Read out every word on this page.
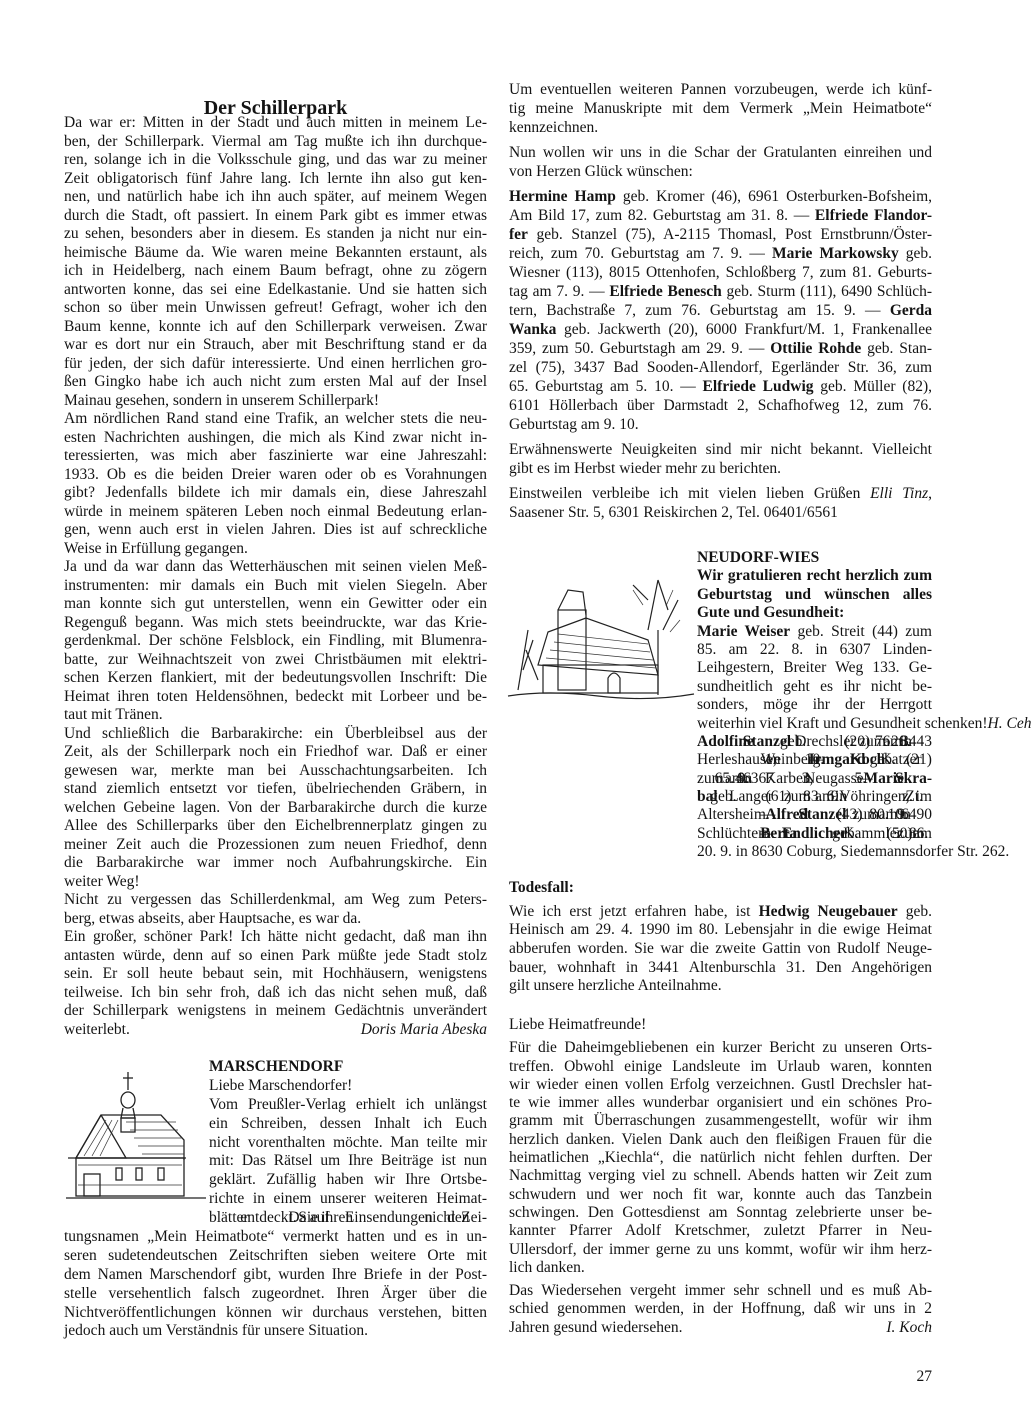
Der Schillerpark
Da war er: Mitten in der Stadt und auch mitten in meinem Le-
ben, der Schillerpark. Viermal am Tag mußte ich ihn durchque-
ren, solange ich in die Volksschule ging, und das war zu meiner
Zeit obligatorisch fünf Jahre lang. Ich lernte ihn also gut ken-
nen, und natürlich habe ich ihn auch später, auf meinem Wegen
durch die Stadt, oft passiert. In einem Park gibt es immer etwas
zu sehen, besonders aber in diesem. Es standen ja nicht nur ein-
heimische Bäume da. Wie waren meine Bekannten erstaunt, als
ich in Heidelberg, nach einem Baum befragt, ohne zu zögern
antworten konne, das sei eine Edelkastanie. Und sie hatten sich
schon so über mein Unwissen gefreut! Gefragt, woher ich den
Baum kenne, konnte ich auf den Schillerpark verweisen. Zwar
war es dort nur ein Strauch, aber mit Beschriftung stand er da
für jeden, der sich dafür interessierte. Und einen herrlichen gro-
ßen Gingko habe ich auch nicht zum ersten Mal auf der Insel
Mainau gesehen, sondern in unserem Schillerpark!
Am nördlichen Rand stand eine Trafik, an welcher stets die neu-
esten Nachrichten aushingen, die mich als Kind zwar nicht in-
teressierten, was mich aber faszinierte war eine Jahreszahl:
1933. Ob es die beiden Dreier waren oder ob es Vorahnungen
gibt? Jedenfalls bildete ich mir damals ein, diese Jahreszahl
würde in meinem späteren Leben noch einmal Bedeutung erlan-
gen, wenn auch erst in vielen Jahren. Dies ist auf schreckliche
Weise in Erfüllung gegangen.
Ja und da war dann das Wetterhäuschen mit seinen vielen Meß-
instrumenten: mir damals ein Buch mit vielen Siegeln. Aber
man konnte sich gut unterstellen, wenn ein Gewitter oder ein
Regenguß begann. Was mich stets beeindruckte, war das Krie-
gerdenkmal. Der schöne Felsblock, ein Findling, mit Blumenra-
batte, zur Weihnachtszeit von zwei Christbäumen mit elektri-
schen Kerzen flankiert, mit der bedeutungsvollen Inschrift: Die
Heimat ihren toten Heldensöhnen, bedeckt mit Lorbeer und be-
taut mit Tränen.
Und schließlich die Barbarakirche: ein Überbleibsel aus der
Zeit, als der Schillerpark noch ein Friedhof war. Daß er einer
gewesen war, merkte man bei Ausschachtungsarbeiten. Ich
stand ziemlich entsetzt vor tiefen, übelriechenden Gräbern, in
welchen Gebeine lagen. Von der Barbarakirche durch die kurze
Allee des Schillerparks über den Eichelbrennerplatz gingen zu
meiner Zeit auch die Prozessionen zum neuen Friedhof, denn
die Barbarakirche war immer noch Aufbahrungskirche. Ein
weiter Weg!
Nicht zu vergessen das Schillerdenkmal, am Weg zum Peters-
berg, etwas abseits, aber Hauptsache, es war da.
Ein großer, schöner Park! Ich hätte nicht gedacht, daß man ihn
antasten würde, denn auf so einen Park müßte jede Stadt stolz
sein. Er soll heute bebaut sein, mit Hochhäusern, wenigstens
teilweise. Ich bin sehr froh, daß ich das nicht sehen muß, daß
der Schillerpark wenigstens in meinem Gedächtnis unverändert
weiterlebt.	Doris Maria Abeska
MARSCHENDORF
Liebe Marschendorfer!
Vom Preußler-Verlag erhielt ich unlängst
ein Schreiben, dessen Inhalt ich Euch
nicht vorenthalten möchte. Man teilte mir
mit: Das Rätsel um Ihre Beiträge ist nun
geklärt. Zufällig haben wir Ihre Ortsbe-
richte in einem unserer weiteren Heimat-
blätter entdeckt. Da Sie auf ihren Einsendungen nicht den Zei-
tungsnamen „Mein Heimatbote“ vermerkt hatten und es in un-
seren sudetendeutschen Zeitschriften sieben weitere Orte mit
dem Namen Marschendorf gibt, wurden Ihre Briefe in der Post-
stelle versehentlich falsch zugeordnet. Ihren Ärger über die
Nichtveröffentlichungen können wir durchaus verstehen, bitten
jedoch auch um Verständnis für unsere Situation.
Um eventuellen weiteren Pannen vorzubeugen, werde ich künf-
tig meine Manuskripte mit dem Vermerk „Mein Heimatbote“
kennzeichnen.
Nun wollen wir uns in die Schar der Gratulanten einreihen und
von Herzen Glück wünschen:
Hermine Hamp geb. Kromer (46), 6961 Osterburken-Bofsheim,
Am Bild 17, zum 82. Geburtstag am 31. 8. — Elfriede Flandor-
fer geb. Stanzel (75), A-2115 Thomasl, Post Ernstbrunn/Öster-
reich, zum 70. Geburtstag am 7. 9. — Marie Markowsky geb.
Wiesner (113), 8015 Ottenhofen, Schloßberg 7, zum 81. Geburts-
tag am 7. 9. — Elfriede Benesch geb. Sturm (111), 6490 Schlüch-
tern, Bachstraße 7, zum 76. Geburtstag am 15. 9. — Gerda
Wanka geb. Jackwerth (20), 6000 Frankfurt/M. 1, Frankenallee
359, zum 50. Geburtstagh am 29. 9. — Ottilie Rohde geb. Stan-
zel (75), 3437 Bad Sooden-Allendorf, Egerländer Str. 36, zum
65. Geburtstag am 5. 10. — Elfriede Ludwig geb. Müller (82),
6101 Höllerbach über Darmstadt 2, Schafhofweg 12, zum 76.
Geburtstag am 9. 10.
Erwähnenswerte Neuigkeiten sind mir nicht bekannt. Vielleicht
gibt es im Herbst wieder mehr zu berichten.
Einstweilen verbleibe ich mit vielen lieben Grüßen Elli Tinz,
Saasener Str. 5, 6301 Reiskirchen 2, Tel. 06401/6561
NEUDORF-WIES
Wir gratulieren recht herzlich zum
Geburtstag und wünschen alles
Gute und Gesundheit:
Marie Weiser geb. Streit (44) zum
85. am 22. 8. in 6307 Linden-
Leihgestern, Breiter Weg 133. Ge-
sundheitlich geht es ihr nicht be-
sonders, möge ihr der Herrgott
weiterhin viel Kraft und Gesundheit schenken! H. Ceh
Adolfine Stanzel geb. Drechsler (20) zum 76. am 26. 8. in 3443
Herleshausen 1, Weinberg 10. — Irmgard Koch geb. Katzer (21)
zum 65. am 4. 9. in 6367 Karben 3, Neugasse 5. — Marie Skra-
bal geb. Langer (61) zum 83. am 6. 9. in Vöhringen, z. Zt. im
Altersheim. — Alfred Stanzel (43) zum 80. am 10. 9. in 6490
Schlüchtern. — Berta Endlicher geb. Kammler (50) zum 86. am
20. 9. in 8630 Coburg, Siedemannsdorfer Str. 262.
Todesfall:
Wie ich erst jetzt erfahren habe, ist Hedwig Neugebauer geb.
Heinisch am 29. 4. 1990 im 80. Lebensjahr in die ewige Heimat
abberufen worden. Sie war die zweite Gattin von Rudolf Neuge-
bauer, wohnhaft in 3441 Altenburschla 31. Den Angehörigen
gilt unsere herzliche Anteilnahme.
Liebe Heimatfreunde!
Für die Daheimgebliebenen ein kurzer Bericht zu unseren Orts-
treffen. Obwohl einige Landsleute im Urlaub waren, konnten
wir wieder einen vollen Erfolg verzeichnen. Gustl Drechsler hat-
te wie immer alles wunderbar organisiert und ein schönes Pro-
gramm mit Überraschungen zusammengestellt, wofür wir ihm
herzlich danken. Vielen Dank auch den fleißigen Frauen für die
heimatlichen „Kiechla“, die natürlich nicht fehlen durften. Der
Nachmittag verging viel zu schnell. Abends hatten wir Zeit zum
schwudern und wer noch fit war, konnte auch das Tanzbein
schwingen. Den Gottesdienst am Sonntag zelebrierte unser be-
kannter Pfarrer Adolf Kretschmer, zuletzt Pfarrer in Neu-
Ullersdorf, der immer gerne zu uns kommt, wofür wir ihm herz-
lich danken.
Das Wiedersehen vergeht immer sehr schnell und es muß Ab-
schied genommen werden, in der Hoffnung, daß wir uns in 2
Jahren gesund wiedersehen.	I. Koch
27
